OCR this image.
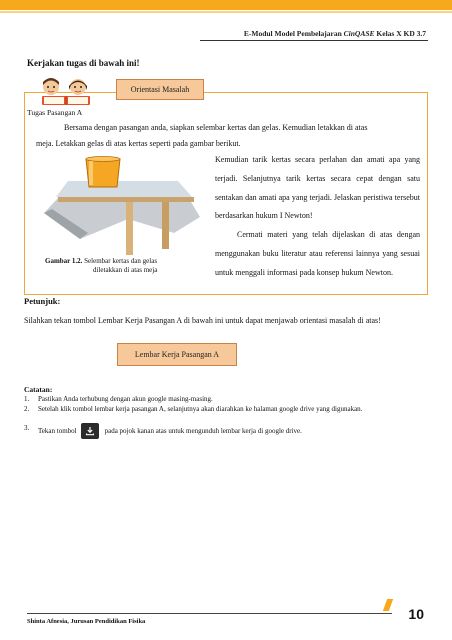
E-Modul Model Pembelajaran CinQASE Kelas X KD 3.7
Kerjakan tugas di bawah ini!
Orientasi Masalah
Tugas Pasangan A
Bersama dengan pasangan anda, siapkan selembar kertas dan gelas. Kemudian letakkan di atas
meja. Letakkan gelas di atas kertas seperti pada gambar berikut.
Gambar 1.2. Selembar kertas dan gelas
diletakkan di atas meja

Kemudian tarik kertas secara perlahan dan amati apa yang terjadi. Selanjutnya tarik kertas secara cepat dengan satu sentakan dan amati apa yang terjadi. Jelaskan peristiwa tersebut berdasarkan hukum I Newton!

Cermati materi yang telah dijelaskan di atas dengan menggunakan buku literatur atau referensi lainnya yang sesuai untuk menggali informasi pada konsep hukum Newton.

Petunjuk:
Silahkan tekan tombol Lembar Kerja Pasangan A di bawah ini untuk dapat menjawab orientasi masalah di atas!
Lembar Kerja Pasangan A
Catatan:
1. Pastikan Anda terhubung dengan akun google masing-masing.
2. Setelah klik tombol lembar kerja pasangan A, selanjutnya akan diarahkan ke halaman google drive yang digunakan.
3. Tekan tombol	pada pojok kanan atas untuk mengunduh lembar kerja di google drive.
Shinta Afnesia, Jurusan Pendidikan Fisika	10
